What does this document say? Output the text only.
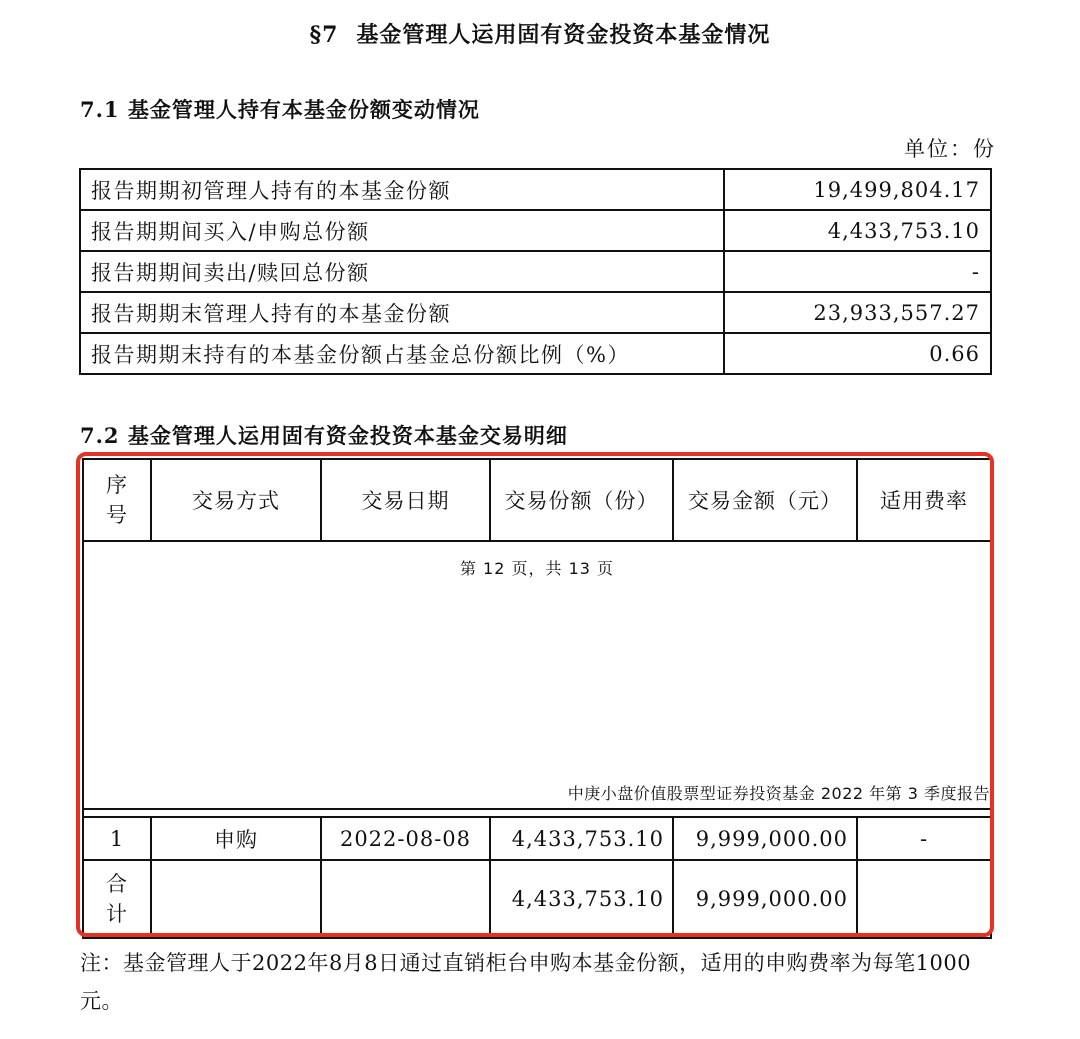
§7 基金管理人运用固有资金投资本基金情况
7.1 基金管理人持有本基金份额变动情况
单位：份
报告期期初管理人持有的本基金份额	19,499,804.17
报告期期间买入/申购总份额	4,433,753.10
报告期期间卖出/赎回总份额	-
报告期期末管理人持有的本基金份额	23,933,557.27
报告期期末持有的本基金份额占基金总份额比例（%）	0.66
7.2 基金管理人运用固有资金投资本基金交易明细
序
号	交易方式	交易日期	交易份额（份）	交易金额（元）	适用费率

第 12 页，共 13 页
中庚小盘价值股票型证券投资基金 2022 年第 3 季度报告					

1	申购	2022-08-08	4,433,753.10	9,999,000.00	-
合
计			4,433,753.10	9,999,000.00	
注：基金管理人于2022年8月8日通过直销柜台申购本基金份额，适用的申购费率为每笔1000元。
